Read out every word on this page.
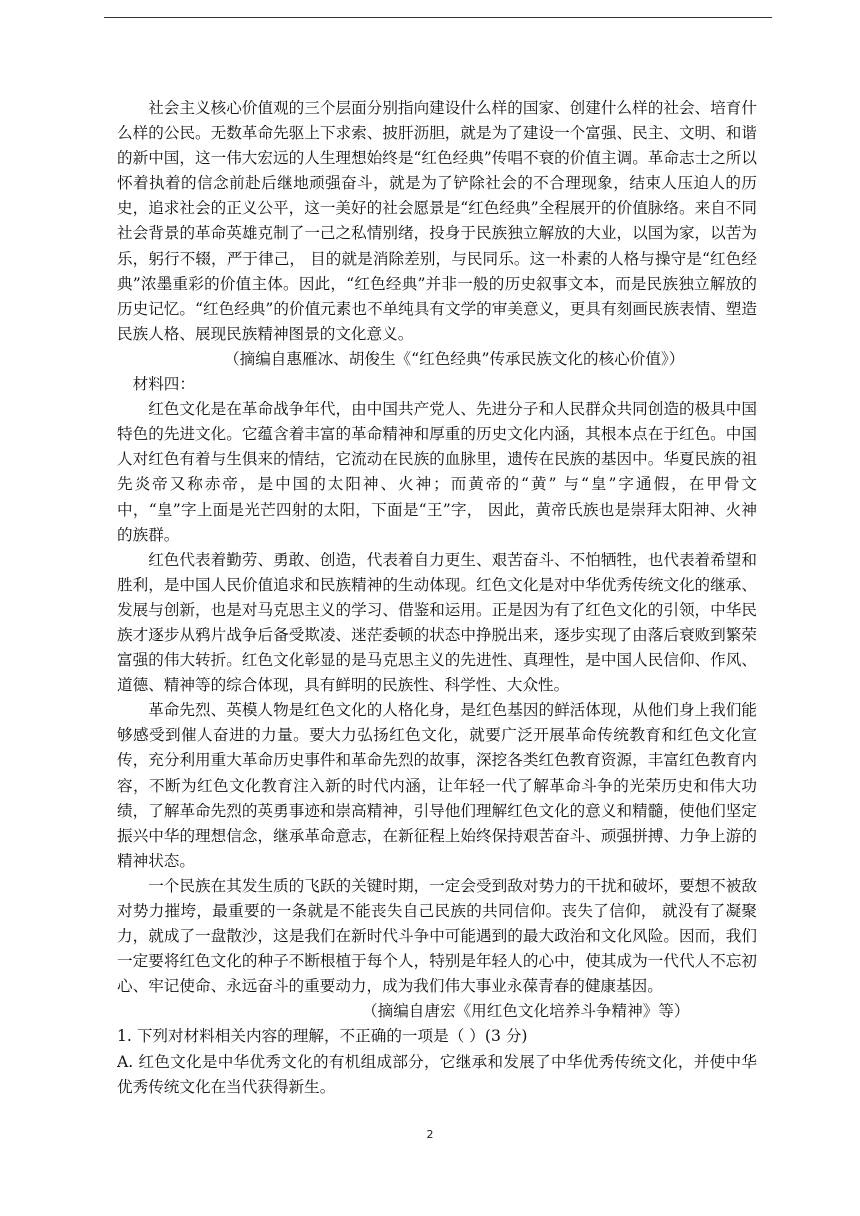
社会主义核心价值观的三个层面分别指向建设什么样的国家、创建什么样的社会、培育什么样的公民。无数革命先驱上下求索、披肝沥胆，就是为了建设一个富强、民主、文明、和谐的新中国，这一伟大宏远的人生理想始终是“红色经典”传唱不衰的价值主调。革命志士之所以怀着执着的信念前赴后继地顽强奋斗，就是为了铲除社会的不合理现象，结束人压迫人的历史，追求社会的正义公平，这一美好的社会愿景是“红色经典”全程展开的价值脉络。来自不同社会背景的革命英雄克制了一己之私情别绪，投身于民族独立解放的大业，以国为家，以苦为乐，躬行不辍，严于律己， 目的就是消除差别，与民同乐。这一朴素的人格与操守是“红色经典”浓墨重彩的价值主体。因此，“红色经典”并非一般的历史叙事文本，而是民族独立解放的历史记忆。“红色经典”的价值元素也不单纯具有文学的审美意义，更具有刻画民族表情、塑造民族人格、展现民族精神图景的文化意义。

（摘编自惠雁冰、胡俊生《“红色经典”传承民族文化的核心价值》）

材料四：

红色文化是在革命战争年代，由中国共产党人、先进分子和人民群众共同创造的极具中国特色的先进文化。它蕴含着丰富的革命精神和厚重的历史文化内涵，其根本点在于红色。中国人对红色有着与生俱来的情结，它流动在民族的血脉里，遗传在民族的基因中。华夏民族的祖先炎帝又称赤帝，是中国的太阳神、火神；而黄帝的“黄” 与“皇”字通假，在甲骨文中，“皇”字上面是光芒四射的太阳，下面是“王”字， 因此，黄帝氏族也是崇拜太阳神、火神的族群。

红色代表着勤劳、勇敢、创造，代表着自力更生、艰苦奋斗、不怕牺牲，也代表着希望和胜利，是中国人民价值追求和民族精神的生动体现。红色文化是对中华优秀传统文化的继承、发展与创新，也是对马克思主义的学习、借鉴和运用。正是因为有了红色文化的引领，中华民族才逐步从鸦片战争后备受欺凌、迷茫委顿的状态中挣脱出来，逐步实现了由落后衰败到繁荣富强的伟大转折。红色文化彰显的是马克思主义的先进性、真理性，是中国人民信仰、作风、道德、精神等的综合体现，具有鲜明的民族性、科学性、大众性。

革命先烈、英模人物是红色文化的人格化身，是红色基因的鲜活体现，从他们身上我们能够感受到催人奋进的力量。要大力弘扬红色文化，就要广泛开展革命传统教育和红色文化宣传，充分利用重大革命历史事件和革命先烈的故事，深挖各类红色教育资源，丰富红色教育内容，不断为红色文化教育注入新的时代内涵，让年轻一代了解革命斗争的光荣历史和伟大功绩，了解革命先烈的英勇事迹和崇高精神，引导他们理解红色文化的意义和精髓，使他们坚定振兴中华的理想信念，继承革命意志，在新征程上始终保持艰苦奋斗、顽强拼搏、力争上游的精神状态。

一个民族在其发生质的飞跃的关键时期，一定会受到敌对势力的干扰和破坏，要想不被敌对势力摧垮，最重要的一条就是不能丧失自己民族的共同信仰。丧失了信仰， 就没有了凝聚力，就成了一盘散沙，这是我们在新时代斗争中可能遇到的最大政治和文化风险。因而，我们一定要将红色文化的种子不断根植于每个人，特别是年轻人的心中，使其成为一代代人不忘初心、牢记使命、永远奋斗的重要动力，成为我们伟大事业永葆青春的健康基因。

（摘编自唐宏《用红色文化培养斗争精神》等）

1. 下列对材料相关内容的理解，不正确的一项是（ ）(3 分)

A. 红色文化是中华优秀文化的有机组成部分，它继承和发展了中华优秀传统文化，并使中华优秀传统文化在当代获得新生。

2
